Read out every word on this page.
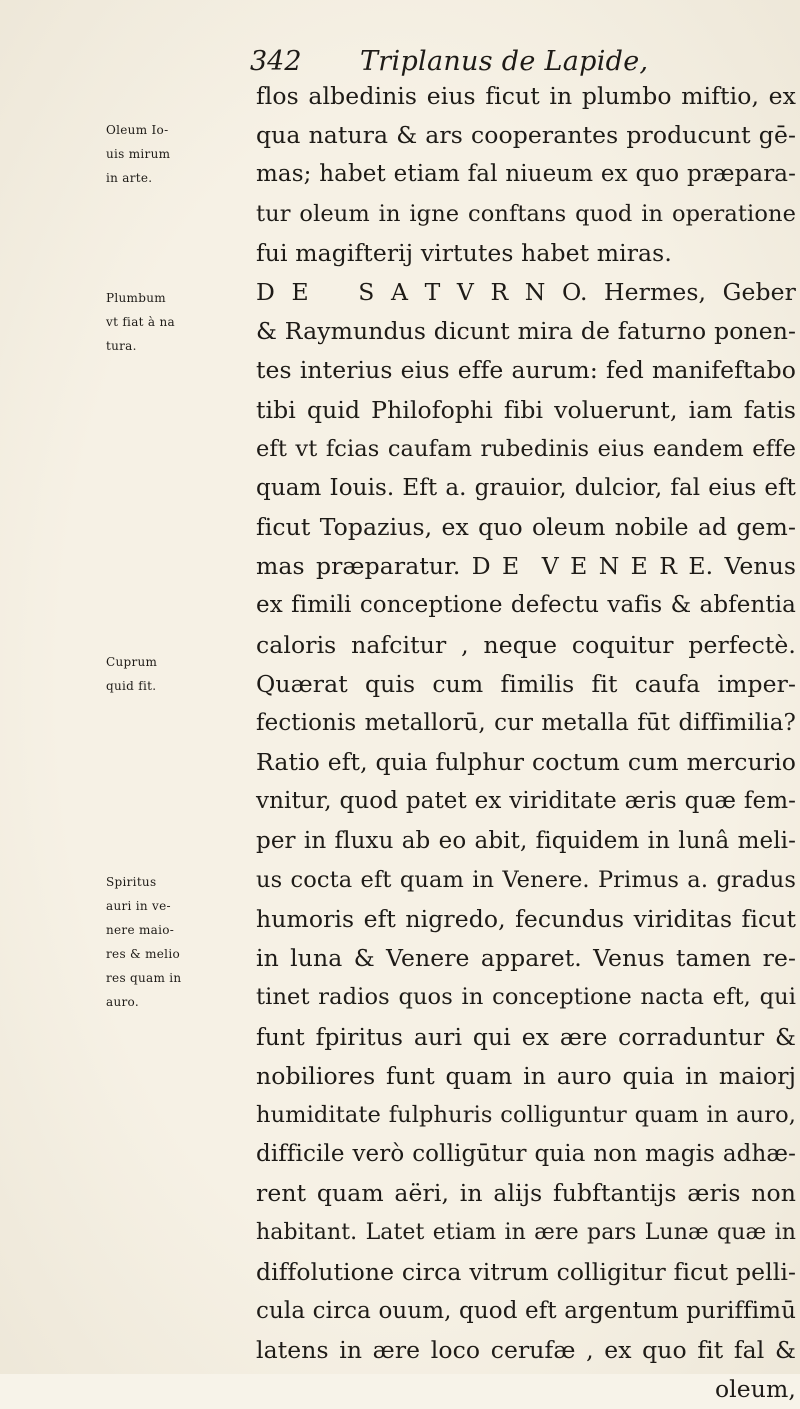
342 Triplanus de Lapide,
Oleum Io-
uis mirum
in arte.
Plumbum
vt fiat à na
tura.
Cuprum
quid fit.
Spiritus
auri in ve-
nere maio-
res & melio
res quam in
auro.
flos albedinis eius ficut in plumbo miftio, ex
qua natura & ars cooperantes producunt gē-
mas; habet etiam fal niueum ex quo præpara-
tur oleum in igne conftans quod in operatione
fui magifterij virtutes habet miras.
D E   S A T V R N O. Hermes, Geber
& Raymundus dicunt mira de faturno ponen-
tes interius eius effe aurum: fed manifeftabo
tibi quid Philofophi fibi voluerunt, iam fatis
eft vt fcias caufam rubedinis eius eandem effe
quam Iouis. Eft a. grauior, dulcior, fal eius eft
ficut Topazius, ex quo oleum nobile ad gem-
mas præparatur. D E  V E N E R E. Venus
ex fimili conceptione defectu vafis & abfentia
caloris nafcitur , neque coquitur perfectè.
Quærat quis cum fimilis fit caufa imper-
fectionis metallorū, cur metalla fūt diffimilia?
Ratio eft, quia fulphur coctum cum mercurio
vnitur, quod patet ex viriditate æris quæ fem-
per in fluxu ab eo abit, fiquidem in lunâ meli-
us cocta eft quam in Venere. Primus a. gradus
humoris eft nigredo, fecundus viriditas ficut
in luna & Venere apparet. Venus tamen re-
tinet radios quos in conceptione nacta eft, qui
funt fpiritus auri qui ex ære corraduntur &
nobiliores funt quam in auro quia in maiorj
humiditate fulphuris colliguntur quam in auro,
difficile verò colligūtur quia non magis adhæ-
rent quam aëri, in alijs fubftantijs æris non
habitant. Latet etiam in ære pars Lunæ quæ in
diffolutione circa vitrum colligitur ficut pelli-
cula circa ouum, quod eft argentum puriffimū
latens in ære loco cerufæ , ex quo fit fal &
oleum,
